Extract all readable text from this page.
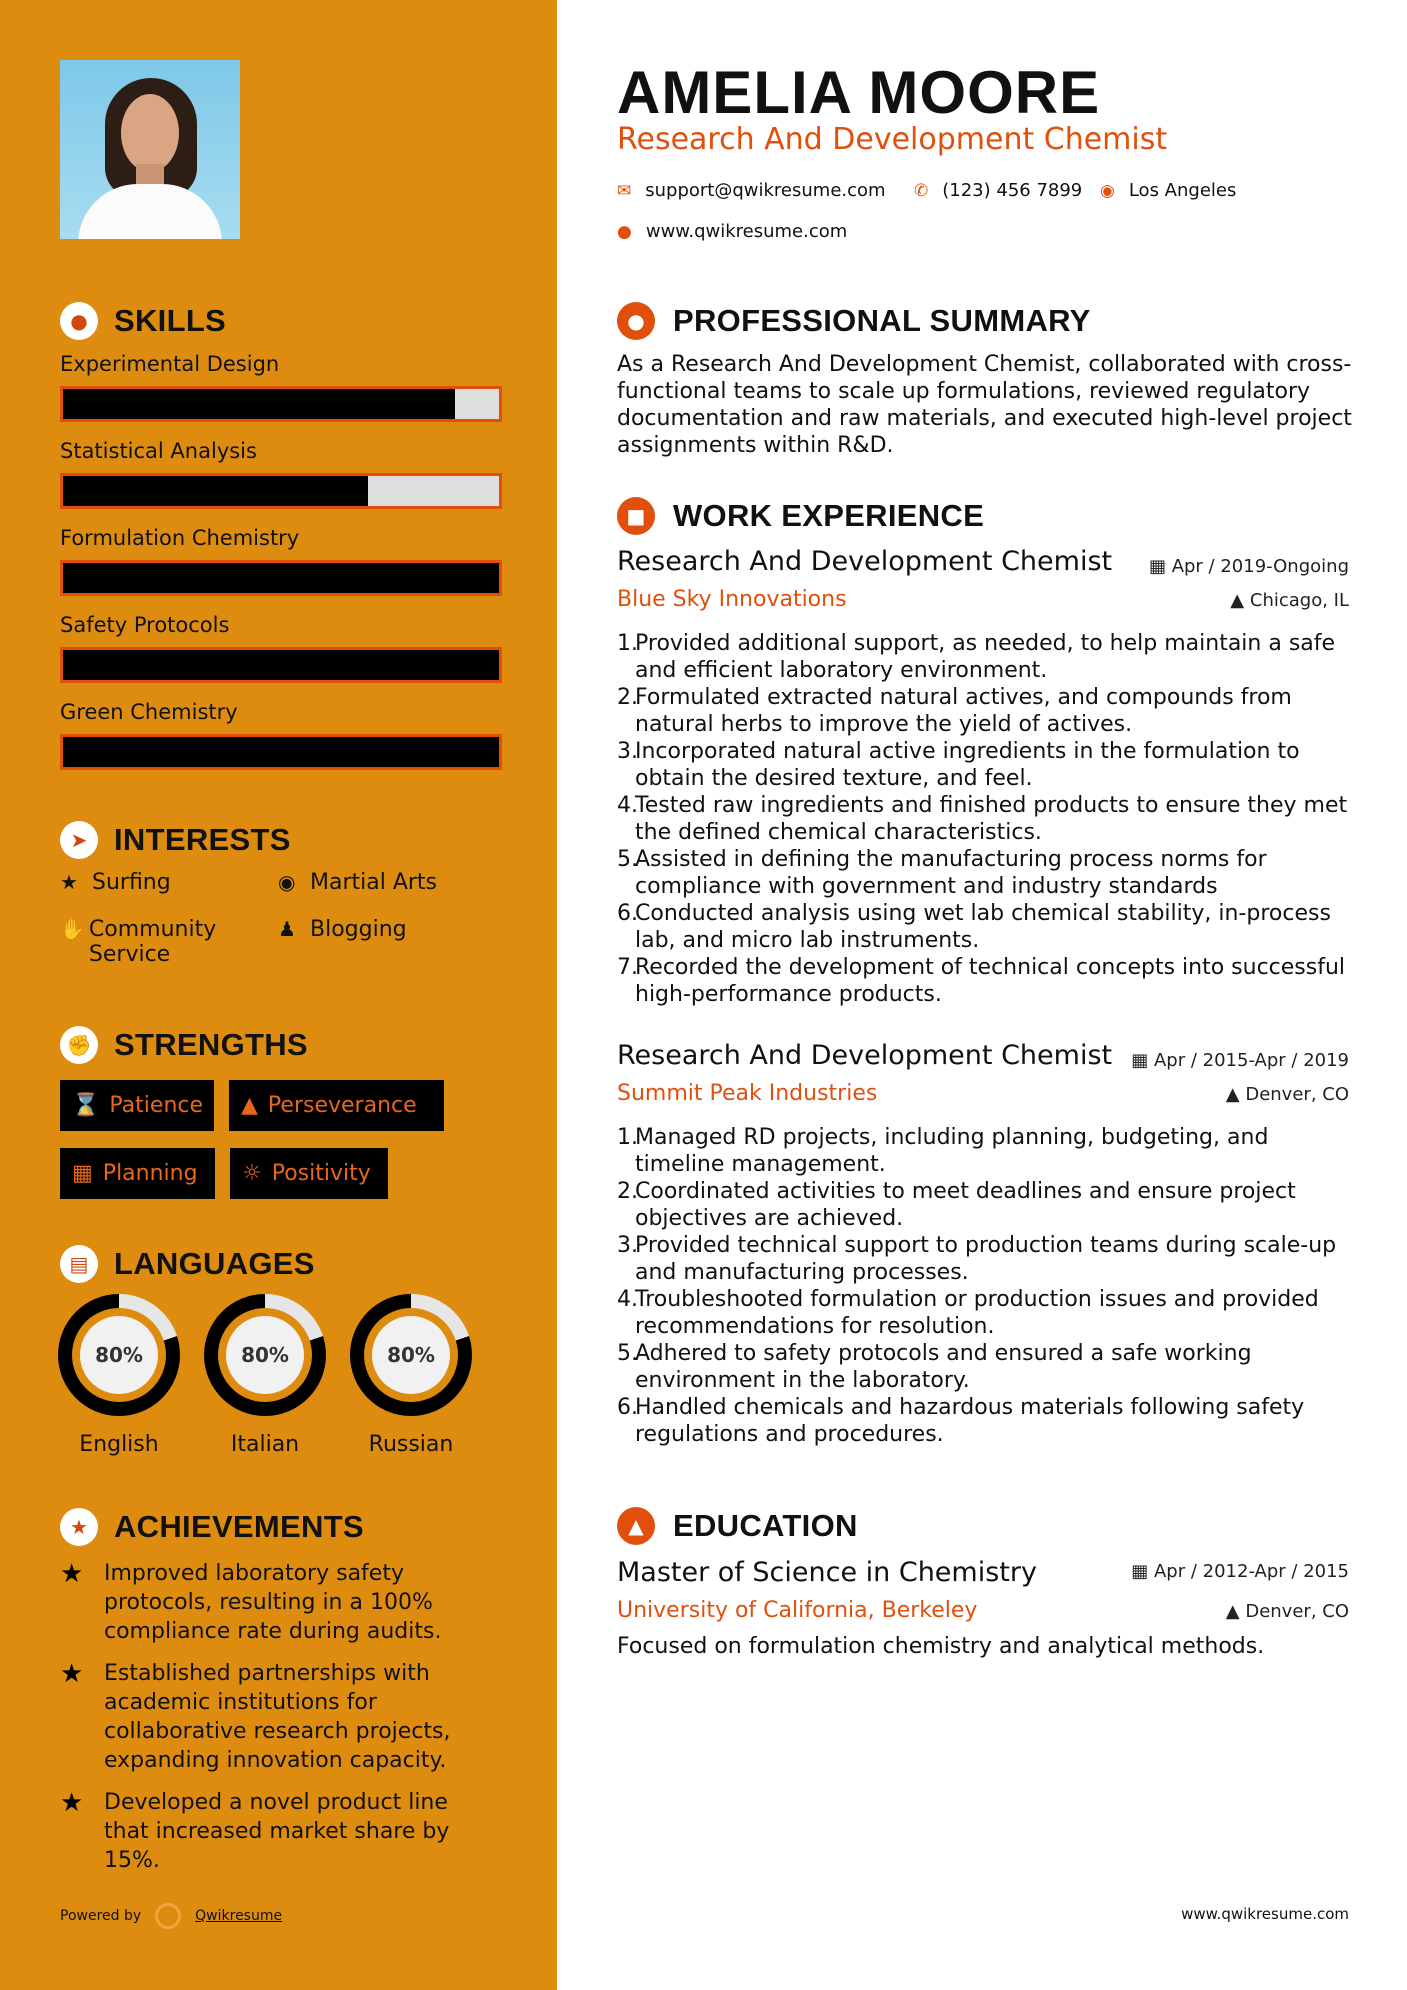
● SKILLS
Experimental Design
Statistical Analysis
Formulation Chemistry
Safety Protocols
Green Chemistry
➤ INTERESTS
★ Surfing	◉ Martial Arts
✋ Community Service
♟ Blogging
✊ STRENGTHS
⌛ Patience ▲ Perseverance
▦ Planning ☼ Positivity
▤ LANGUAGES
80%
English
80%
Italian
80%
Russian
★ ACHIEVEMENTS
★ Improved laboratory safety protocols, resulting in a 100% compliance rate during audits.
★ Established partnerships with academic institutions for collaborative research projects, expanding innovation capacity.
★ Developed a novel product line that increased market share by 15%.
Powered by	Qwikresume
AMELIA MOORE
Research And Development Chemist
✉ support@qwikresume.com ✆ (123) 456 7899 ◉ Los Angeles
● www.qwikresume.com
● PROFESSIONAL SUMMARY
As a Research And Development Chemist, collaborated with cross-functional teams to scale up formulations, reviewed regulatory documentation and raw materials, and executed high-level project assignments within R&D.
■ WORK EXPERIENCE
Research And Development Chemist ▦ Apr / 2019-Ongoing
Blue Sky Innovations	▲ Chicago, IL
1.
Provided additional support, as needed, to help maintain a safe and efficient laboratory environment.
2.
Formulated extracted natural actives, and compounds from natural herbs to improve the yield of actives.
3.
Incorporated natural active ingredients in the formulation to obtain the desired texture, and feel.
4.
Tested raw ingredients and finished products to ensure they met the defined chemical characteristics.
5.
Assisted in defining the manufacturing process norms for compliance with government and industry standards
6.
Conducted analysis using wet lab chemical stability, in-process lab, and micro lab instruments.
7.
Recorded the development of technical concepts into successful high-performance products.
Research And Development Chemist ▦ Apr / 2015-Apr / 2019
Summit Peak Industries	▲ Denver, CO
1.
Managed RD projects, including planning, budgeting, and timeline management.
2.
Coordinated activities to meet deadlines and ensure project objectives are achieved.
3.
Provided technical support to production teams during scale-up and manufacturing processes.
4.
Troubleshooted formulation or production issues and provided recommendations for resolution.
5.
Adhered to safety protocols and ensured a safe working environment in the laboratory.
6.
Handled chemicals and hazardous materials following safety regulations and procedures.
▲ EDUCATION
Master of Science in Chemistry	▦ Apr / 2012-Apr / 2015
University of California, Berkeley	▲ Denver, CO
Focused on formulation chemistry and analytical methods.
www.qwikresume.com
